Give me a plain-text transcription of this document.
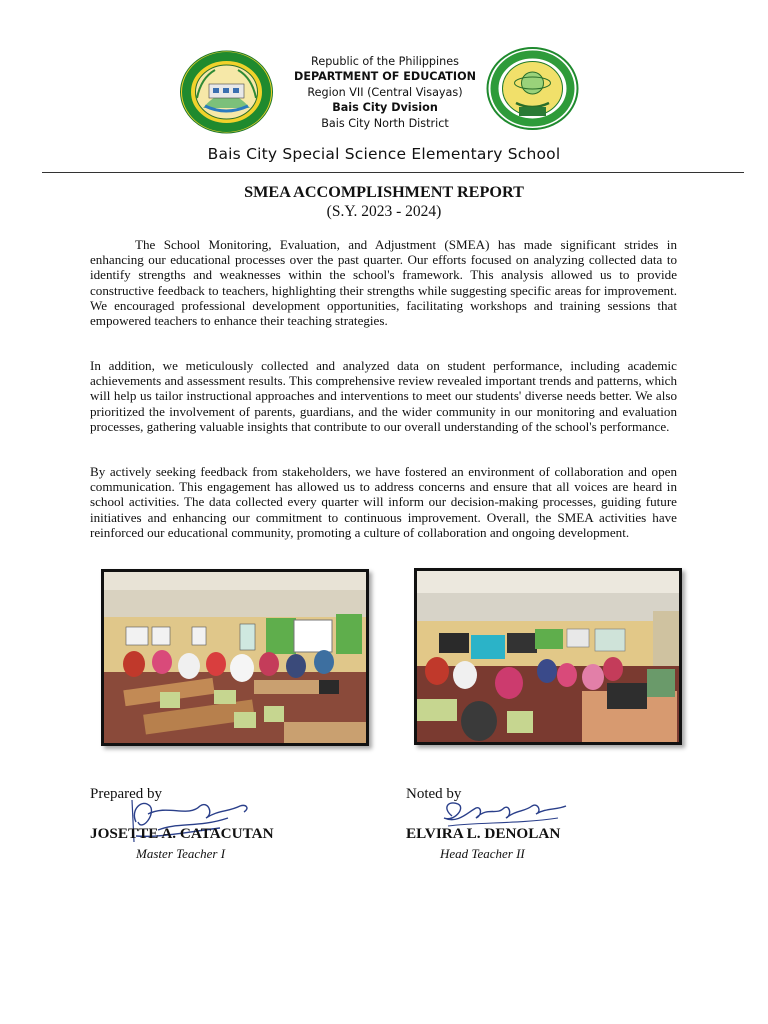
Republic of the Philippines
DEPARTMENT OF EDUCATION
Region VII (Central Visayas)
Bais City Dvision
Bais City North District
Bais City Special Science Elementary School
SMEA ACCOMPLISHMENT REPORT
(S.Y. 2023 - 2024)
The School Monitoring, Evaluation, and Adjustment (SMEA) has made significant strides in enhancing our educational processes over the past quarter. Our efforts focused on analyzing collected data to identify strengths and weaknesses within the school's framework. This analysis allowed us to provide constructive feedback to teachers, highlighting their strengths while suggesting specific areas for improvement. We encouraged professional development opportunities, facilitating workshops and training sessions that empowered teachers to enhance their teaching strategies.
In addition, we meticulously collected and analyzed data on student performance, including academic achievements and assessment results. This comprehensive review revealed important trends and patterns, which will help us tailor instructional approaches and interventions to meet our students' diverse needs better. We also prioritized the involvement of parents, guardians, and the wider community in our monitoring and evaluation processes, gathering valuable insights that contribute to our overall understanding of the school's performance.
By actively seeking feedback from stakeholders, we have fostered an environment of collaboration and open communication. This engagement has allowed us to address concerns and ensure that all voices are heard in school activities. The data collected every quarter will inform our decision-making processes, guiding future initiatives and enhancing our commitment to continuous improvement. Overall, the SMEA activities have reinforced our educational community, promoting a culture of collaboration and ongoing development.
Prepared by
JOSETTE A. CATACUTAN
Master Teacher I
Noted by
ELVIRA L. DENOLAN
Head Teacher II
